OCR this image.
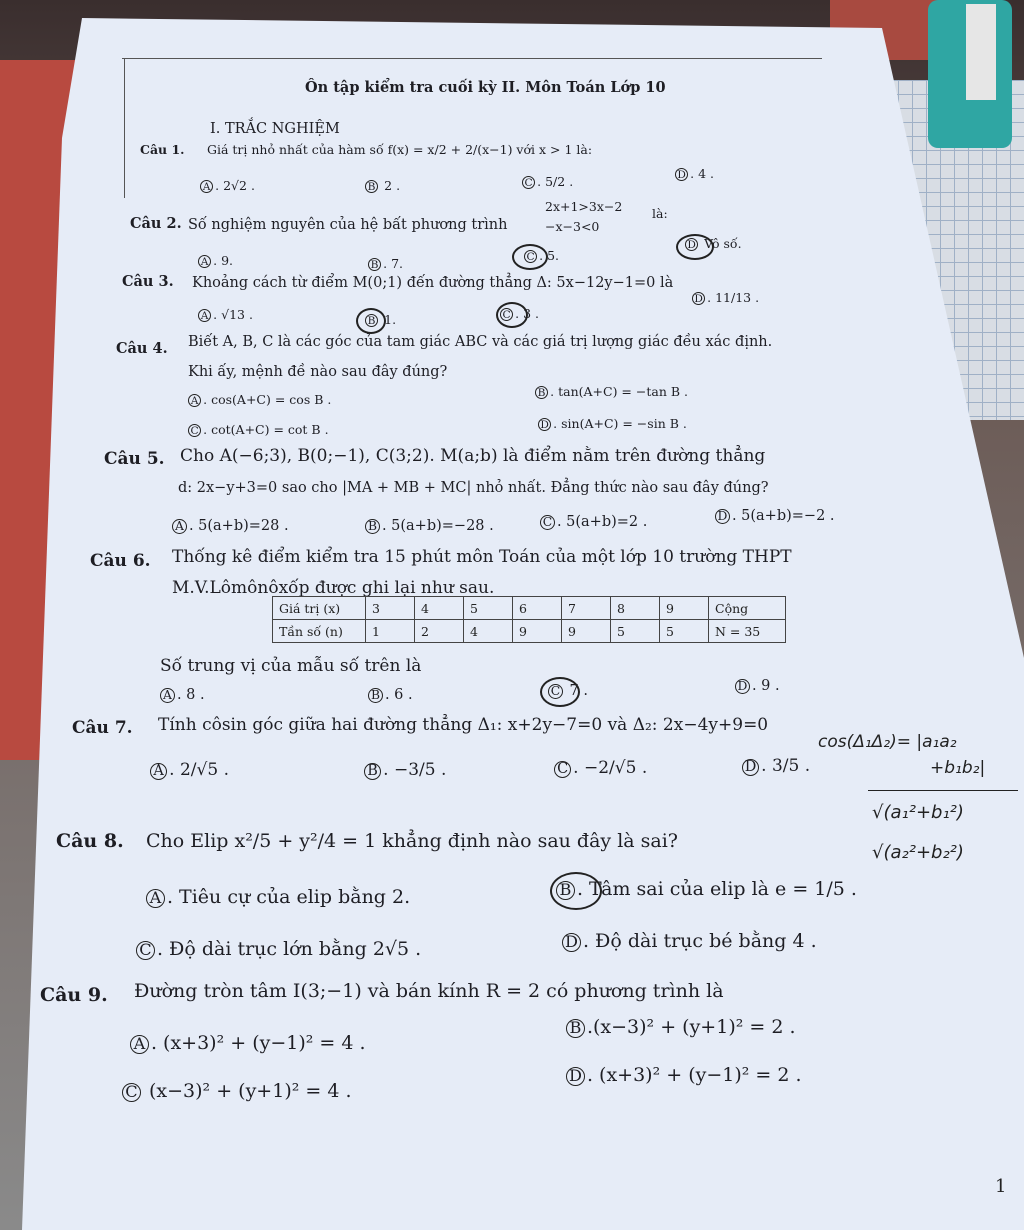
Ôn tập kiểm tra cuối kỳ II. Môn Toán Lớp 10
I. TRẮC NGHIỆM
Câu 1. Giá trị nhỏ nhất của hàm số f(x) = x/2 + 2/(x−1) với x > 1 là:
A . 2√2 .	B 2 .	C . 5/2 .	D . 4 .
Câu 2. Số nghiệm nguyên của hệ bất phương trình
2x+1>3x−2
−x−3<0
là:
A . 9.	B . 7.	C . 5.
D Vô số.
Câu 3. Khoảng cách từ điểm M(0;1) đến đường thẳng Δ: 5x−12y−1=0 là
A . √13 .	B 1.	C . 3 .
D . 11/13 .
Câu 4. Biết A, B, C là các góc của tam giác ABC và các giá trị lượng giác đều xác định.
Khi ấy, mệnh đề nào sau đây đúng?
A . cos(A+C) = cos B .	B . tan(A+C) = −tan B .
C . cot(A+C) = cot B .	D . sin(A+C) = −sin B .
Câu 5. Cho A(−6;3), B(0;−1), C(3;2). M(a;b) là điểm nằm trên đường thẳng
d: 2x−y+3=0 sao cho |MA + MB + MC| nhỏ nhất. Đẳng thức nào sau đây đúng?
A . 5(a+b)=28 .	B . 5(a+b)=−28 .	C . 5(a+b)=2 .	D . 5(a+b)=−2 .
Câu 6. Thống kê điểm kiểm tra 15 phút môn Toán của một lớp 10 trường THPT
M.V.Lômônôxốp được ghi lại như sau.
Giá trị (x)	3	4	5	6	7	8	9	Cộng
Tần số (n)	1	2	4	9	9	5	5	N = 35
Số trung vị của mẫu số trên là
A . 8 .	B . 6 .	C 7 .	D . 9 .
Câu 7. Tính côsin góc giữa hai đường thẳng Δ₁: x+2y−7=0 và Δ₂: 2x−4y+9=0
A . 2/√5 .	B . −3/5 .	C . −2/√5 .	D . 3/5 .
Câu 8. Cho Elip x²/5 + y²/4 = 1 khẳng định nào sau đây là sai?
A . Tiêu cự của elip bằng 2.	B . Tâm sai của elip là e = 1/5 .
C . Độ dài trục lớn bằng 2√5 .	D . Độ dài trục bé bằng 4 .
Câu 9. Đường tròn tâm I(3;−1) và bán kính R = 2 có phương trình là
A . (x+3)² + (y−1)² = 4 .
B .(x−3)² + (y+1)² = 2 .
C (x−3)² + (y+1)² = 4 .
D . (x+3)² + (y−1)² = 2 .
cos(Δ₁Δ₂)= |a₁a₂
+b₁b₂|
√(a₁²+b₁²)
√(a₂²+b₂²)
1
